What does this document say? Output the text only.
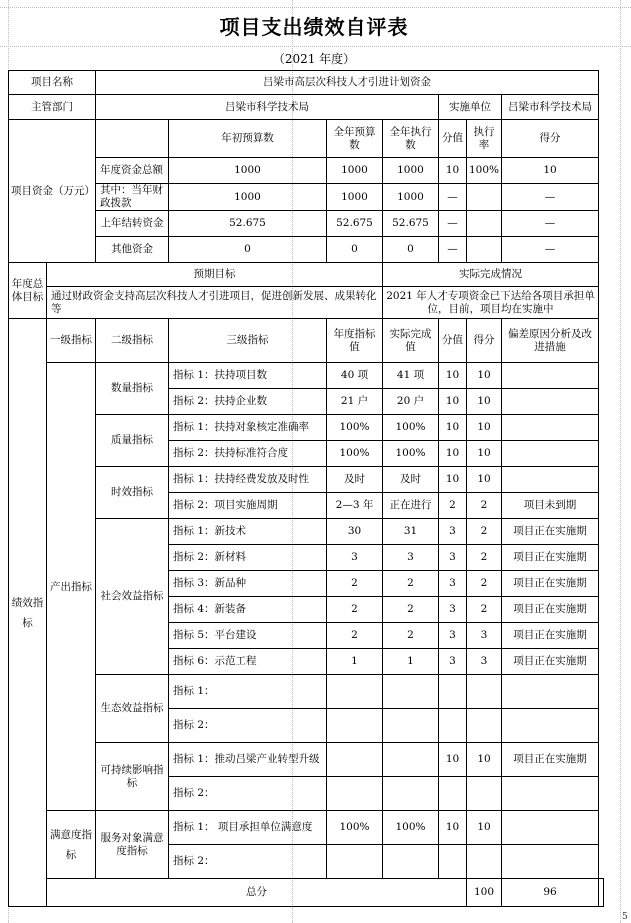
项目支出绩效自评表
（2021 年度）
项目名称		吕梁市高层次科技人才引进计划资金							
主管部门		吕梁市科学技术局				实施单位		吕梁市科学技术局	
项目资金（万元）			年初预算数	全年预算数	全年执行数	分值	执行率	得分	
		年度资金总额	1000	1000	1000	10	100%	10	
		其中：当年财政拨款	1000	1000	1000	—		—	
		上年结转资金	52.675	52.675	52.675	—		—	
		其他资金	0	0	0	—		—	
年度总体目标	预期目标				实际完成情况				
	通过财政资金支持高层次科技人才引进项目，促进创新发展、成果转化等				2021 年人才专项资金已下达给各项目承担单位，目前，项目均在实施中				
绩效指标	一级指标	二级指标	三级指标	年度指标值	实际完成值	分值	得分	偏差原因分析及改进措施	
	产出指标	数量指标	指标 1：扶持项目数	40 项	41 项	10	10		
			指标 2：扶持企业数	21 户	20 户	10	10		
		质量指标	指标 1：扶持对象核定准确率	100%	100%	10	10		
			指标 2：扶持标准符合度	100%	100%	10	10		
		时效指标	指标 1：扶持经费发放及时性	及时	及时	10	10		
			指标 2：项目实施周期	2—3 年	正在进行	2	2	项目未到期	
		社会效益指标	指标 1：新技术	30	31	3	2	项目正在实施期	
			指标 2：新材料	3	3	3	2	项目正在实施期	
			指标 3：新品种	2	2	3	2	项目正在实施期	
			指标 4：新装备	2	2	3	2	项目正在实施期	
			指标 5：平台建设	2	2	3	3	项目正在实施期	
			指标 6：示范工程	1	1	3	3	项目正在实施期	
		生态效益指标	指标 1：						
			指标 2：						
		可持续影响指标	指标 1：推动吕梁产业转型升级			10	10	项目正在实施期	
			指标 2：						
	满意度指标	服务对象满意度指标	指标 1： 项目承担单位满意度	100%	100%	10	10		
			指标 2：						
	总分						100	96	
5
